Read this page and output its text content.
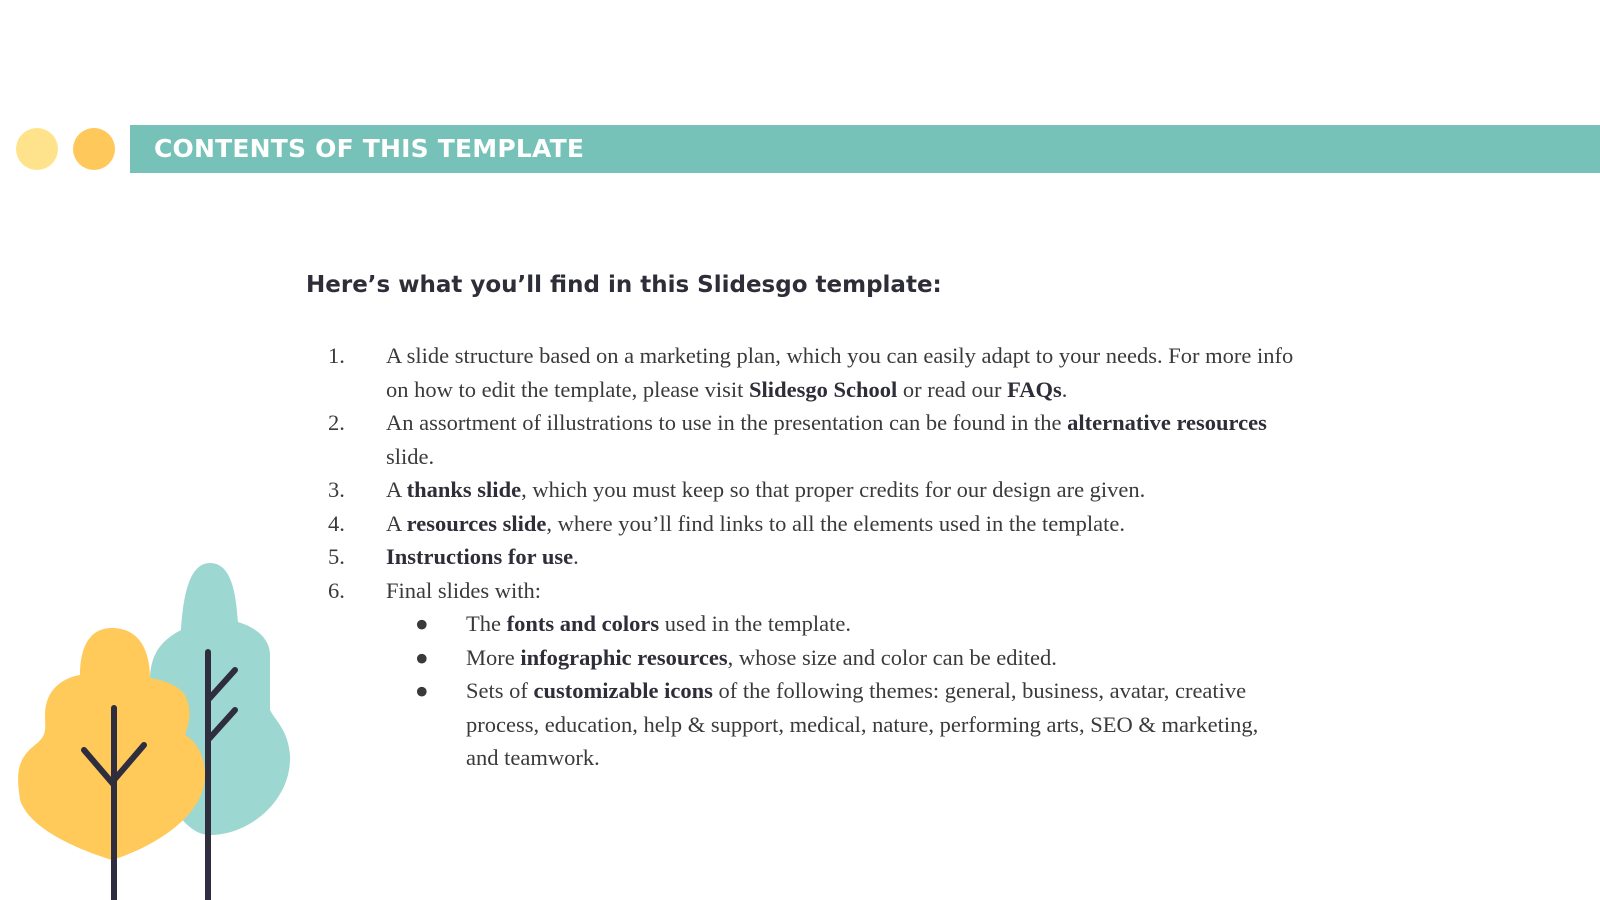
CONTENTS OF THIS TEMPLATE
Here’s what you’ll find in this Slidesgo template:
1.	A slide structure based on a marketing plan, which you can easily adapt to your needs. For more info on how to edit the template, please visit Slidesgo School or read our FAQs.
2.	An assortment of illustrations to use in the presentation can be found in the alternative resources slide.
3.	A thanks slide, which you must keep so that proper credits for our design are given.
4.	A resources slide, where you’ll find links to all the elements used in the template.
5.	Instructions for use.
6.	Final slides with:
●	The fonts and colors used in the template.
●	More infographic resources, whose size and color can be edited.
●	Sets of customizable icons of the following themes: general, business, avatar, creative process, education, help & support, medical, nature, performing arts, SEO & marketing, and teamwork.
